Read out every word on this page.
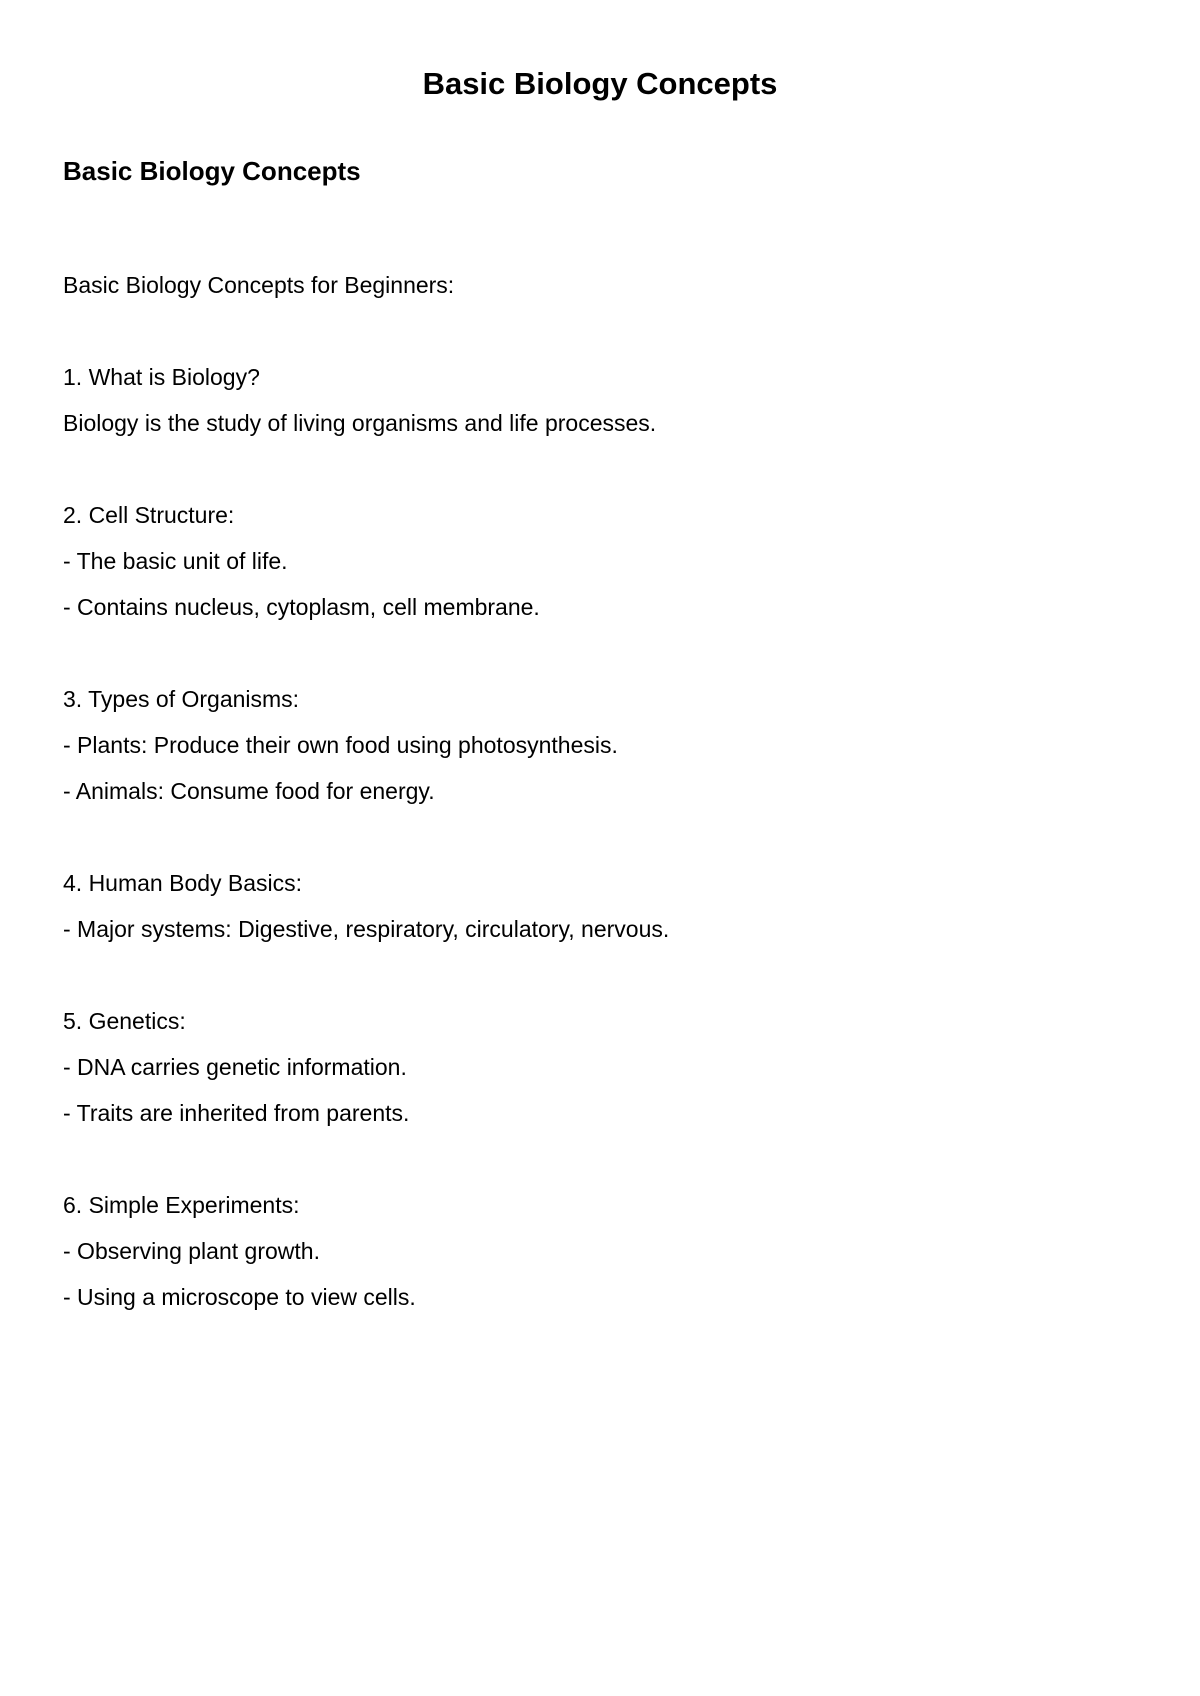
Basic Biology Concepts
Basic Biology Concepts
Basic Biology Concepts for Beginners:
1. What is Biology?
Biology is the study of living organisms and life processes.
2. Cell Structure:
- The basic unit of life.
- Contains nucleus, cytoplasm, cell membrane.
3. Types of Organisms:
- Plants: Produce their own food using photosynthesis.
- Animals: Consume food for energy.
4. Human Body Basics:
- Major systems: Digestive, respiratory, circulatory, nervous.
5. Genetics:
- DNA carries genetic information.
- Traits are inherited from parents.
6. Simple Experiments:
- Observing plant growth.
- Using a microscope to view cells.
